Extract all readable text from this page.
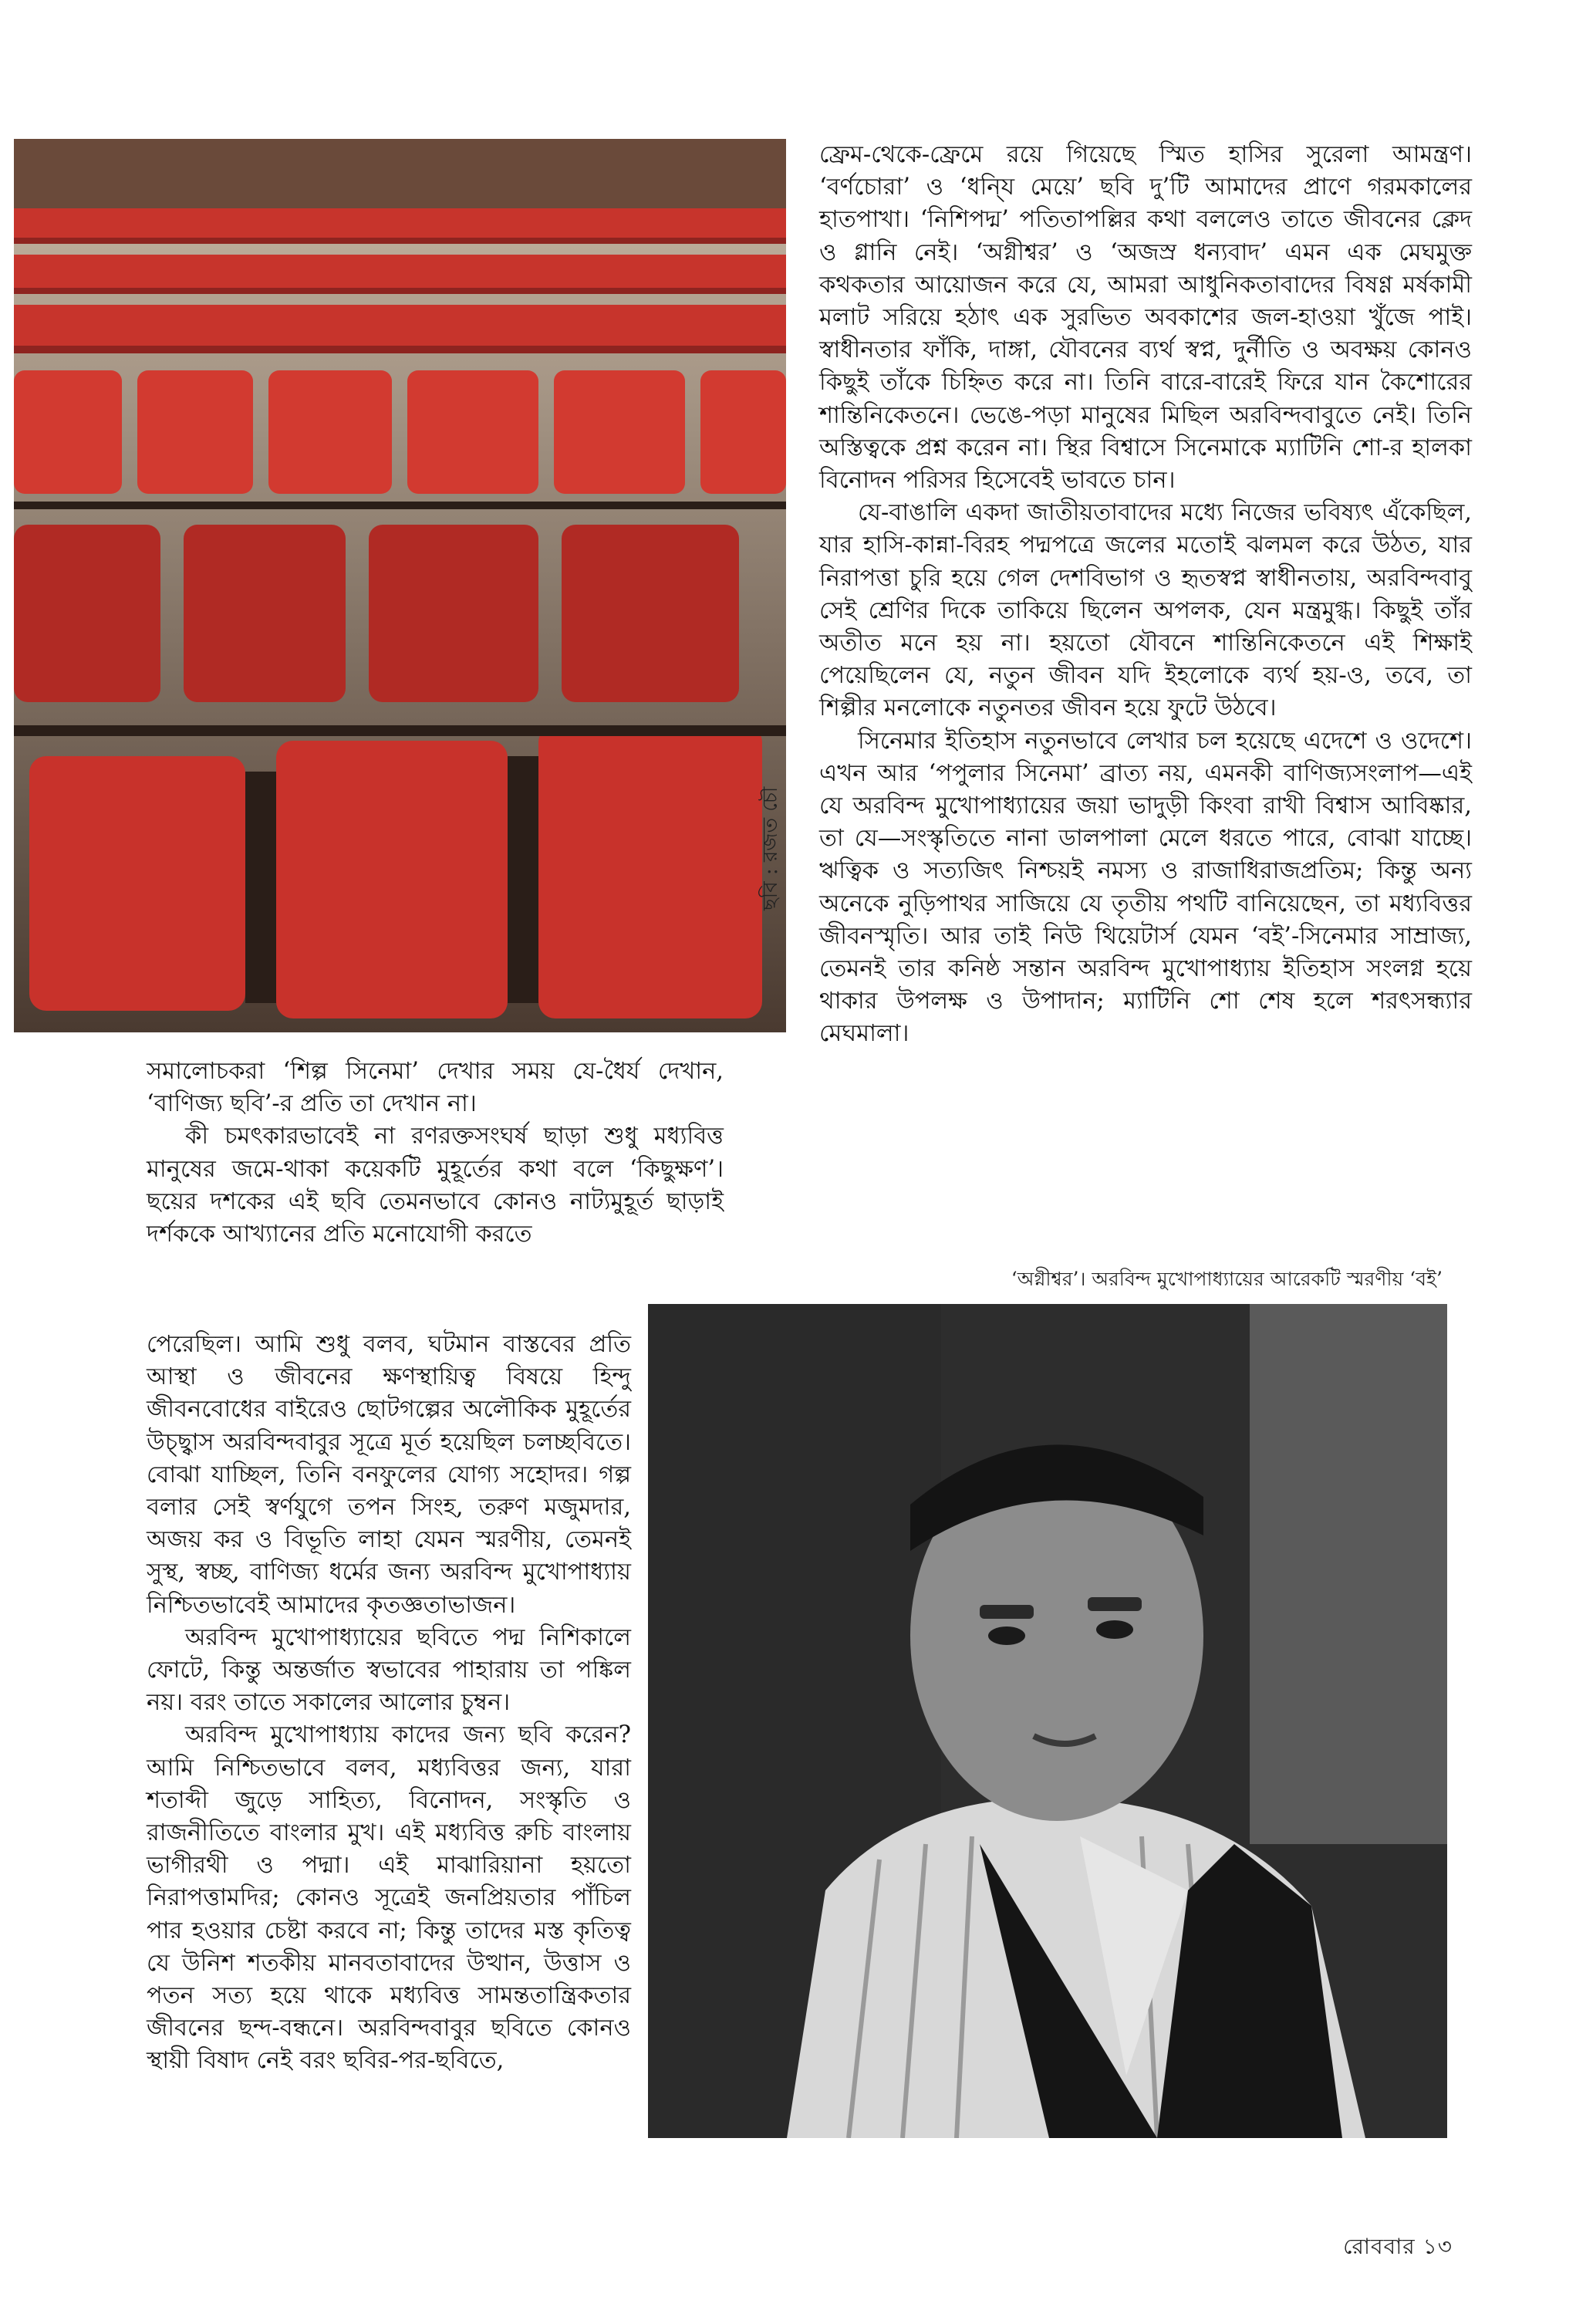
ছবি : রজত চৌ

ফ্রেম-থেকে-ফ্রেমে রয়ে গিয়েছে স্মিত হাসির সুরেলা আমন্ত্রণ। ‘বর্ণচোরা’ ও ‘ধনি্য মেয়ে’ ছবি দু’টি আমাদের প্রাণে গরমকালের হাতপাখা। ‘নিশিপদ্ম’ পতিতাপল্লির কথা বললেও তাতে জীবনের ক্লেদ ও গ্লানি নেই। ‘অগ্নীশ্বর’ ও ‘অজস্র ধন্যবাদ’ এমন এক মেঘমুক্ত কথকতার আয়োজন করে যে, আমরা আধুনিকতাবাদের বিষণ্ণ মর্ষকামী মলাট সরিয়ে হঠাৎ এক সুরভিত অবকাশের জল-হাওয়া খুঁজে পাই। স্বাধীনতার ফাঁকি, দাঙ্গা, যৌবনের ব্যর্থ স্বপ্ন, দুর্নীতি ও অবক্ষয় কোনও কিছুই তাঁকে চিহ্নিত করে না। তিনি বারে-বারেই ফিরে যান কৈশোরের শান্তিনিকেতনে। ভেঙে-পড়া মানুষের মিছিল অরবিন্দবাবুতে নেই। তিনি অস্তিত্বকে প্রশ্ন করেন না। স্থির বিশ্বাসে সিনেমাকে ম্যাটিনি শো-র হালকা বিনোদন পরিসর হিসেবেই ভাবতে চান।

যে-বাঙালি একদা জাতীয়তাবাদের মধ্যে নিজের ভবিষ্যৎ এঁকেছিল, যার হাসি-কান্না-বিরহ পদ্মপত্রে জলের মতোই ঝলমল করে উঠত, যার নিরাপত্তা চুরি হয়ে গেল দেশবিভাগ ও হৃতস্বপ্ন স্বাধীনতায়, অরবিন্দবাবু সেই শ্রেণির দিকে তাকিয়ে ছিলেন অপলক, যেন মন্ত্রমুগ্ধ। কিছুই তাঁর অতীত মনে হয় না। হয়তো যৌবনে শান্তিনিকেতনে এই শিক্ষাই পেয়েছিলেন যে, নতুন জীবন যদি ইহলোকে ব্যর্থ হয়-ও, তবে, তা শিল্পীর মনলোকে নতুনতর জীবন হয়ে ফুটে উঠবে।

সিনেমার ইতিহাস নতুনভাবে লেখার চল হয়েছে এদেশে ও ওদেশে। এখন আর ‘পপুলার সিনেমা’ ব্রাত্য নয়, এমনকী বাণিজ্যসংলাপ—এই যে অরবিন্দ মুখোপাধ্যায়ের জয়া ভাদুড়ী কিংবা রাখী বিশ্বাস আবিষ্কার, তা যে—সংস্কৃতিতে নানা ডালপালা মেলে ধরতে পারে, বোঝা যাচ্ছে। ঋত্বিক ও সত্যজিৎ নিশ্চয়ই নমস্য ও রাজাধিরাজপ্রতিম; কিন্তু অন্য অনেকে নুড়িপাথর সাজিয়ে যে তৃতীয় পথটি বানিয়েছেন, তা মধ্যবিত্তর জীবনস্মৃতি। আর তাই নিউ থিয়েটার্স যেমন ‘বই’-সিনেমার সাম্রাজ্য, তেমনই তার কনিষ্ঠ সন্তান অরবিন্দ মুখোপাধ্যায় ইতিহাস সংলগ্ন হয়ে থাকার উপলক্ষ ও উপাদান; ম্যাটিনি শো শেষ হলে শরৎসন্ধ্যার মেঘমালা।

সমালোচকরা ‘শিল্প সিনেমা’ দেখার সময় যে-ধৈর্য দেখান, ‘বাণিজ্য ছবি’-র প্রতি তা দেখান না।

কী চমৎকারভাবেই না রণরক্তসংঘর্ষ ছাড়া শুধু মধ্যবিত্ত মানুষের জমে-থাকা কয়েকটি মুহূর্তের কথা বলে ‘কিছুক্ষণ’। ছয়ের দশকের এই ছবি তেমনভাবে কোনও নাট্যমুহূর্ত ছাড়াই দর্শককে আখ্যানের প্রতি মনোযোগী করতে

পেরেছিল। আমি শুধু বলব, ঘটমান বাস্তবের প্রতি আস্থা ও জীবনের ক্ষণস্থায়িত্ব বিষয়ে হিন্দু জীবনবোধের বাইরেও ছোটগল্পের অলৌকিক মুহূর্তের উচ্ছ্বাস অরবিন্দবাবুর সূত্রে মূর্ত হয়েছিল চলচ্ছবিতে। বোঝা যাচ্ছিল, তিনি বনফুলের যোগ্য সহোদর। গল্প বলার সেই স্বর্ণযুগে তপন সিংহ, তরুণ মজুমদার, অজয় কর ও বিভূতি লাহা যেমন স্মরণীয়, তেমনই সুস্থ, স্বচ্ছ, বাণিজ্য ধর্মের জন্য অরবিন্দ মুখোপাধ্যায় নিশ্চিতভাবেই আমাদের কৃতজ্ঞতাভাজন।

অরবিন্দ মুখোপাধ্যায়ের ছবিতে পদ্ম নিশিকালে ফোটে, কিন্তু অন্তর্জাত স্বভাবের পাহারায় তা পঙ্কিল নয়। বরং তাতে সকালের আলোর চুম্বন।

অরবিন্দ মুখোপাধ্যায় কাদের জন্য ছবি করেন? আমি নিশ্চিতভাবে বলব, মধ্যবিত্তর জন্য, যারা শতাব্দী জুড়ে সাহিত্য, বিনোদন, সংস্কৃতি ও রাজনীতিতে বাংলার মুখ। এই মধ্যবিত্ত রুচি বাংলায় ভাগীরথী ও পদ্মা। এই মাঝারিয়ানা হয়তো নিরাপত্তামদির; কোনও সূত্রেই জনপ্রিয়তার পাঁচিল পার হওয়ার চেষ্টা করবে না; কিন্তু তাদের মস্ত কৃতিত্ব যে উনিশ শতকীয় মানবতাবাদের উত্থান, উত্তাস ও পতন সত্য হয়ে থাকে মধ্যবিত্ত সামন্ততান্ত্রিকতার জীবনের ছন্দ-বন্ধনে। অরবিন্দবাবুর ছবিতে কোনও স্থায়ী বিষাদ নেই বরং ছবির-পর-ছবিতে,

‘অগ্নীশ্বর’। অরবিন্দ মুখোপাধ্যায়ের আরেকটি স্মরণীয় ‘বই’
রোববার ১৩
